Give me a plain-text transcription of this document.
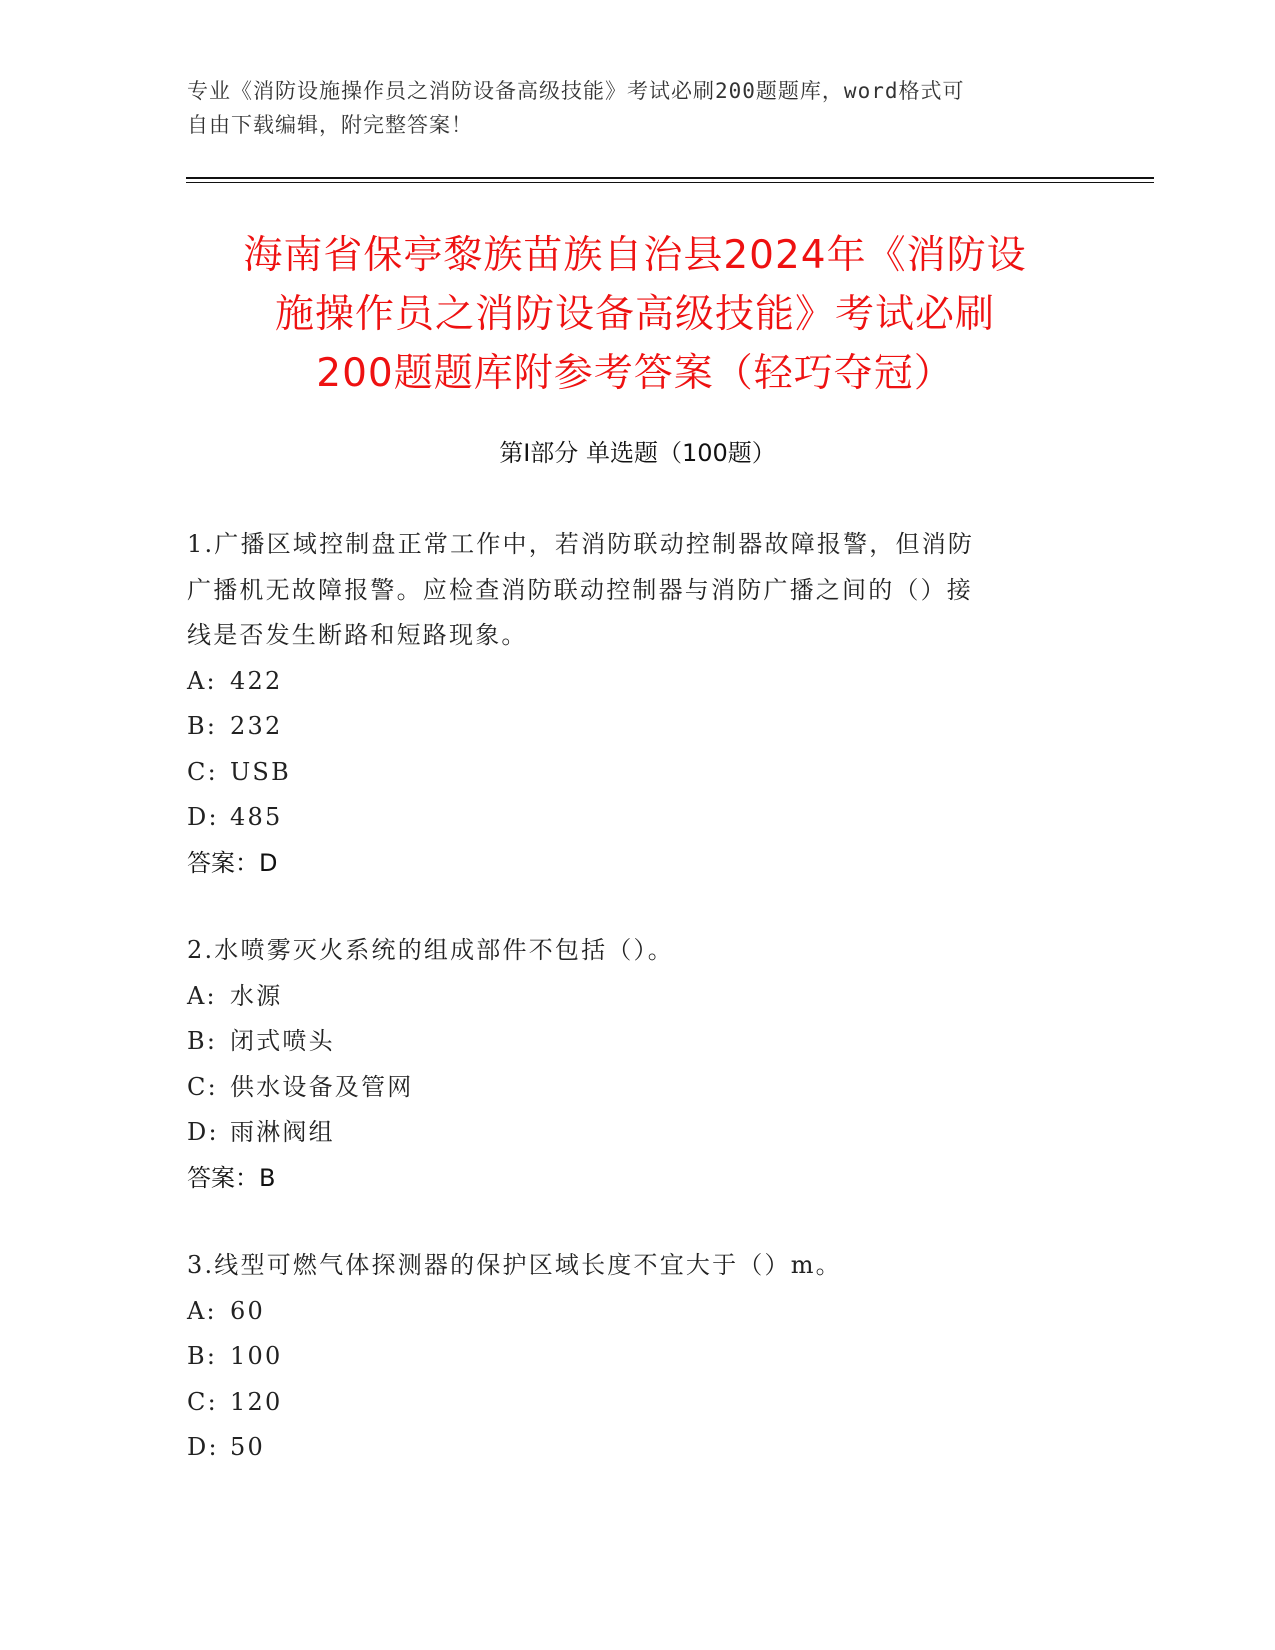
专业《消防设施操作员之消防设备高级技能》考试必刷200题题库，word格式可
自由下载编辑，附完整答案！
海南省保亭黎族苗族自治县2024年《消防设
施操作员之消防设备高级技能》考试必刷
200题题库附参考答案（轻巧夺冠）
第Ⅰ部分 单选题（100题）
1.广播区域控制盘正常工作中，若消防联动控制器故障报警，但消防
广播机无故障报警。应检查消防联动控制器与消防广播之间的（）接
线是否发生断路和短路现象。
A: 422
B: 232
C: USB
D: 485
答案：D
2.水喷雾灭火系统的组成部件不包括（）。
A: 水源
B: 闭式喷头
C: 供水设备及管网
D: 雨淋阀组
答案：B
3.线型可燃气体探测器的保护区域长度不宜大于（）m。
A: 60
B: 100
C: 120
D: 50
